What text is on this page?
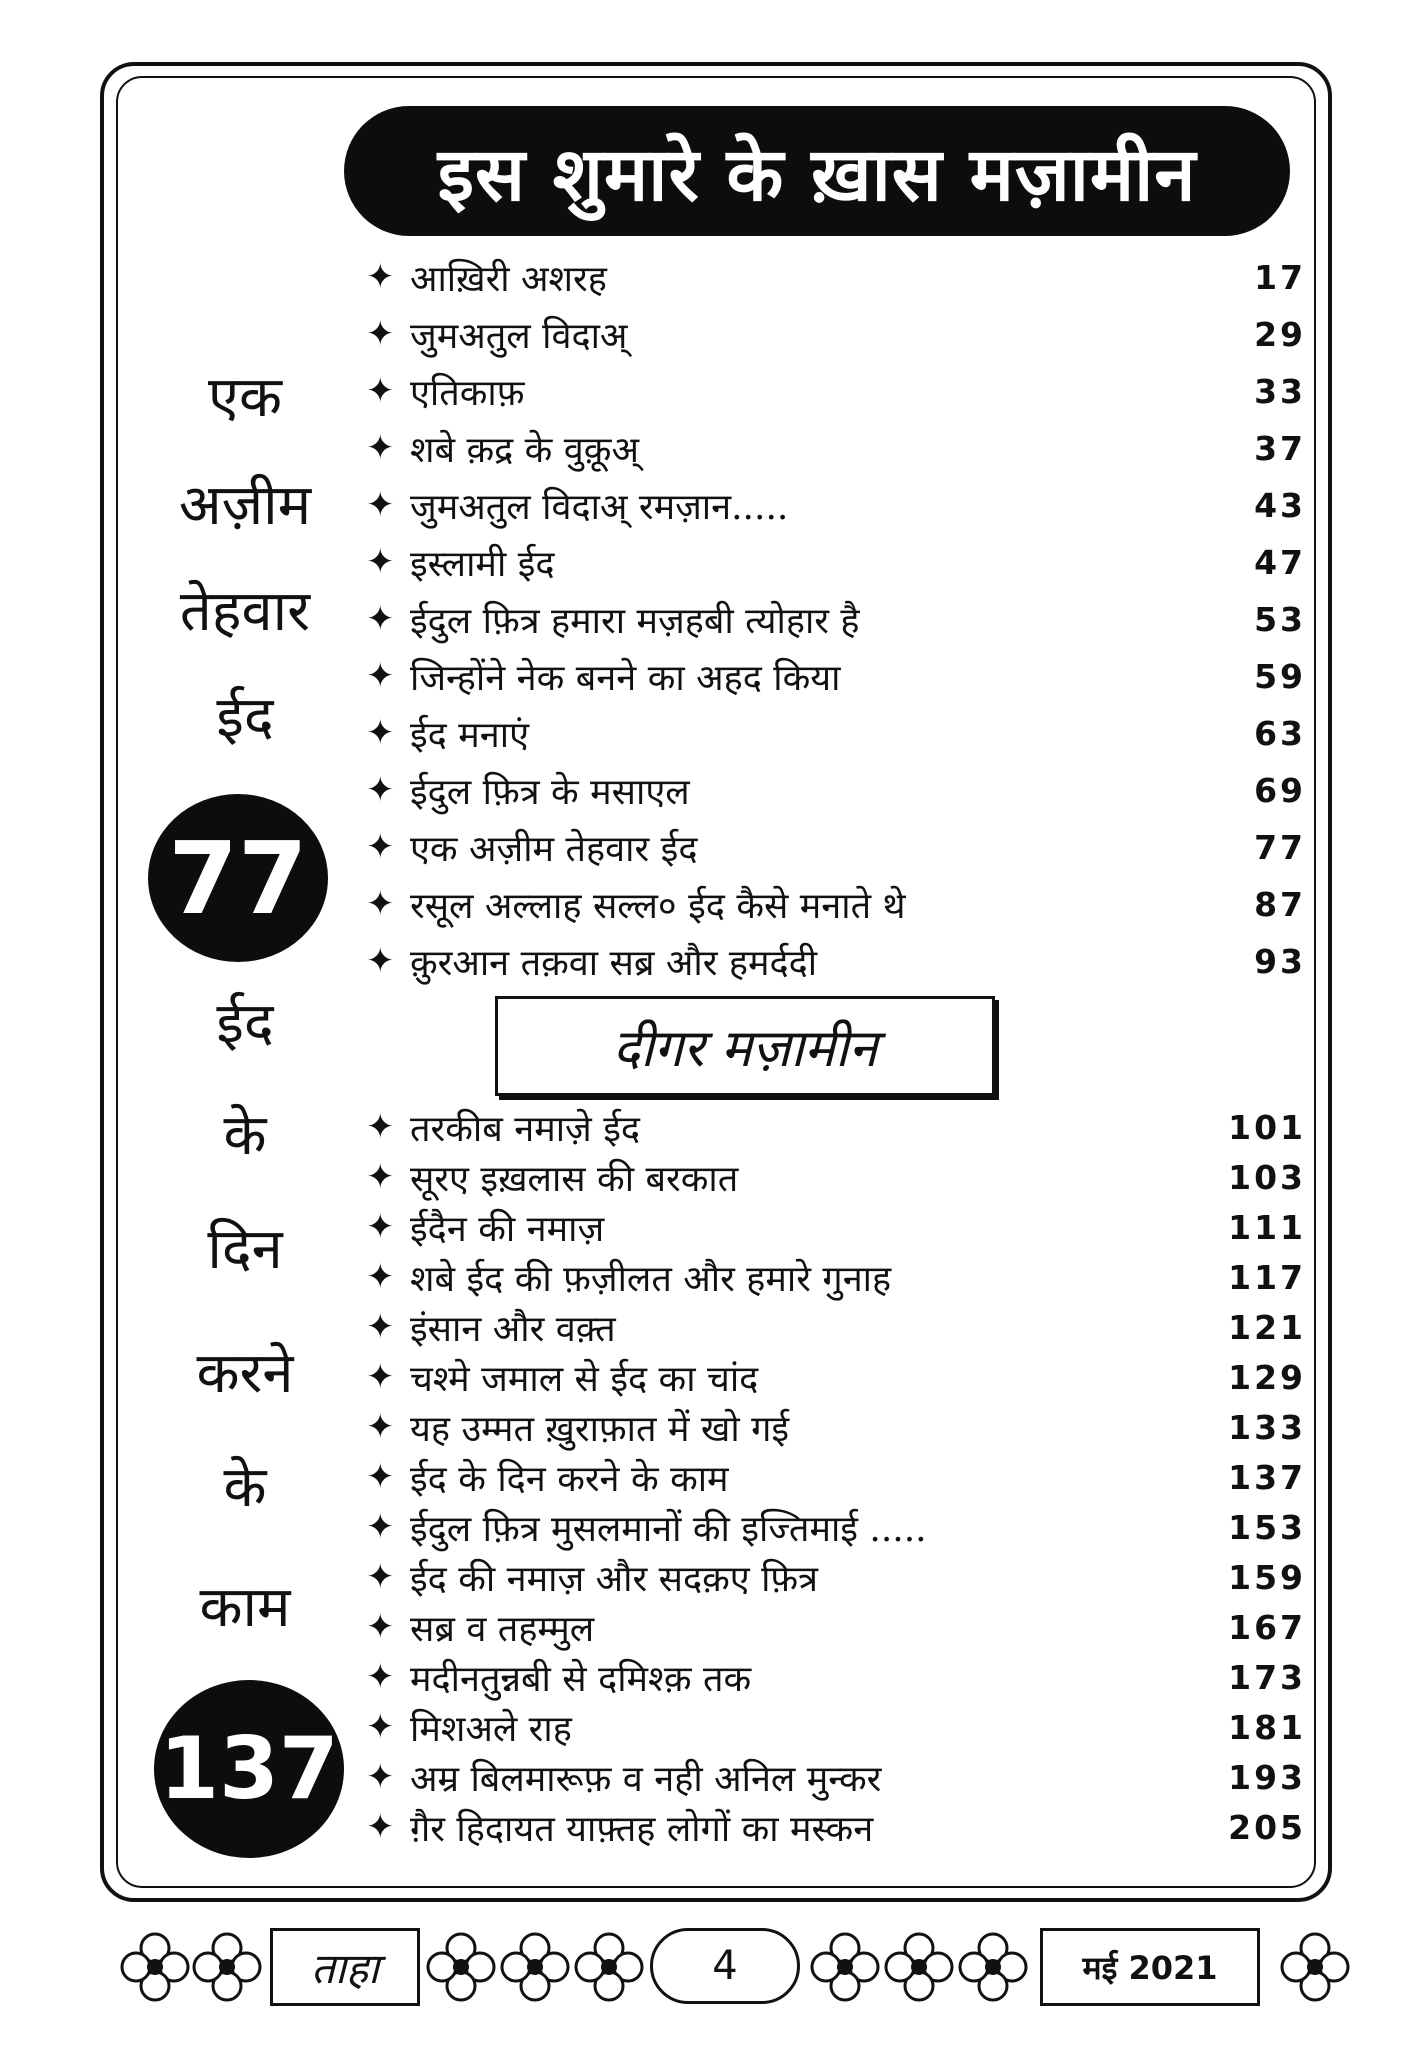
इस शुमारे के ख़ास मज़ामीन
एक
अज़ीम
तेहवार
ईद
77
ईद
के
दिन
करने
के
काम
137
✦ आख़िरी अशरह	17
✦ जुमअतुल विदाअ्	29
✦ एतिकाफ़	33
✦ शबे क़द्र के वुक़ूअ्	37
✦ जुमअतुल विदाअ् रमज़ान.....	43
✦ इस्लामी ईद	47
✦ ईदुल फ़ित्र हमारा मज़हबी त्योहार है	53
✦ जिन्होंने नेक बनने का अहद किया	59
✦ ईद मनाएं	63
✦ ईदुल फ़ित्र के मसाएल	69
✦ एक अज़ीम तेहवार ईद	77
✦ रसूल अल्लाह सल्ल० ईद कैसे मनाते थे	87
✦ क़ुरआन तक़वा सब्र और हमर्ददी	93
दीगर मज़ामीन
✦ तरकीब नमाज़े ईद	101
✦ सूरए इख़लास की बरकात	103
✦ ईदैन की नमाज़	111
✦ शबे ईद की फ़ज़ीलत और हमारे गुनाह	117
✦ इंसान और वक़्त	121
✦ चश्मे जमाल से ईद का चांद	129
✦ यह उम्मत ख़ुराफ़ात में खो गई	133
✦ ईद के दिन करने के काम	137
✦ ईदुल फ़ित्र मुसलमानों की इज्तिमाई .....	153
✦ ईद की नमाज़ और सदक़ए फ़ित्र	159
✦ सब्र व तहम्मुल	167
✦ मदीनतुन्नबी से दमिश्क़ तक	173
✦ मिशअले राह	181
✦ अम्र बिलमारूफ़ व नही अनिल मुन्कर	193
✦ ग़ैर हिदायत याफ़्तह लोगों का मस्कन	205
ताहा	4	मई 2021
